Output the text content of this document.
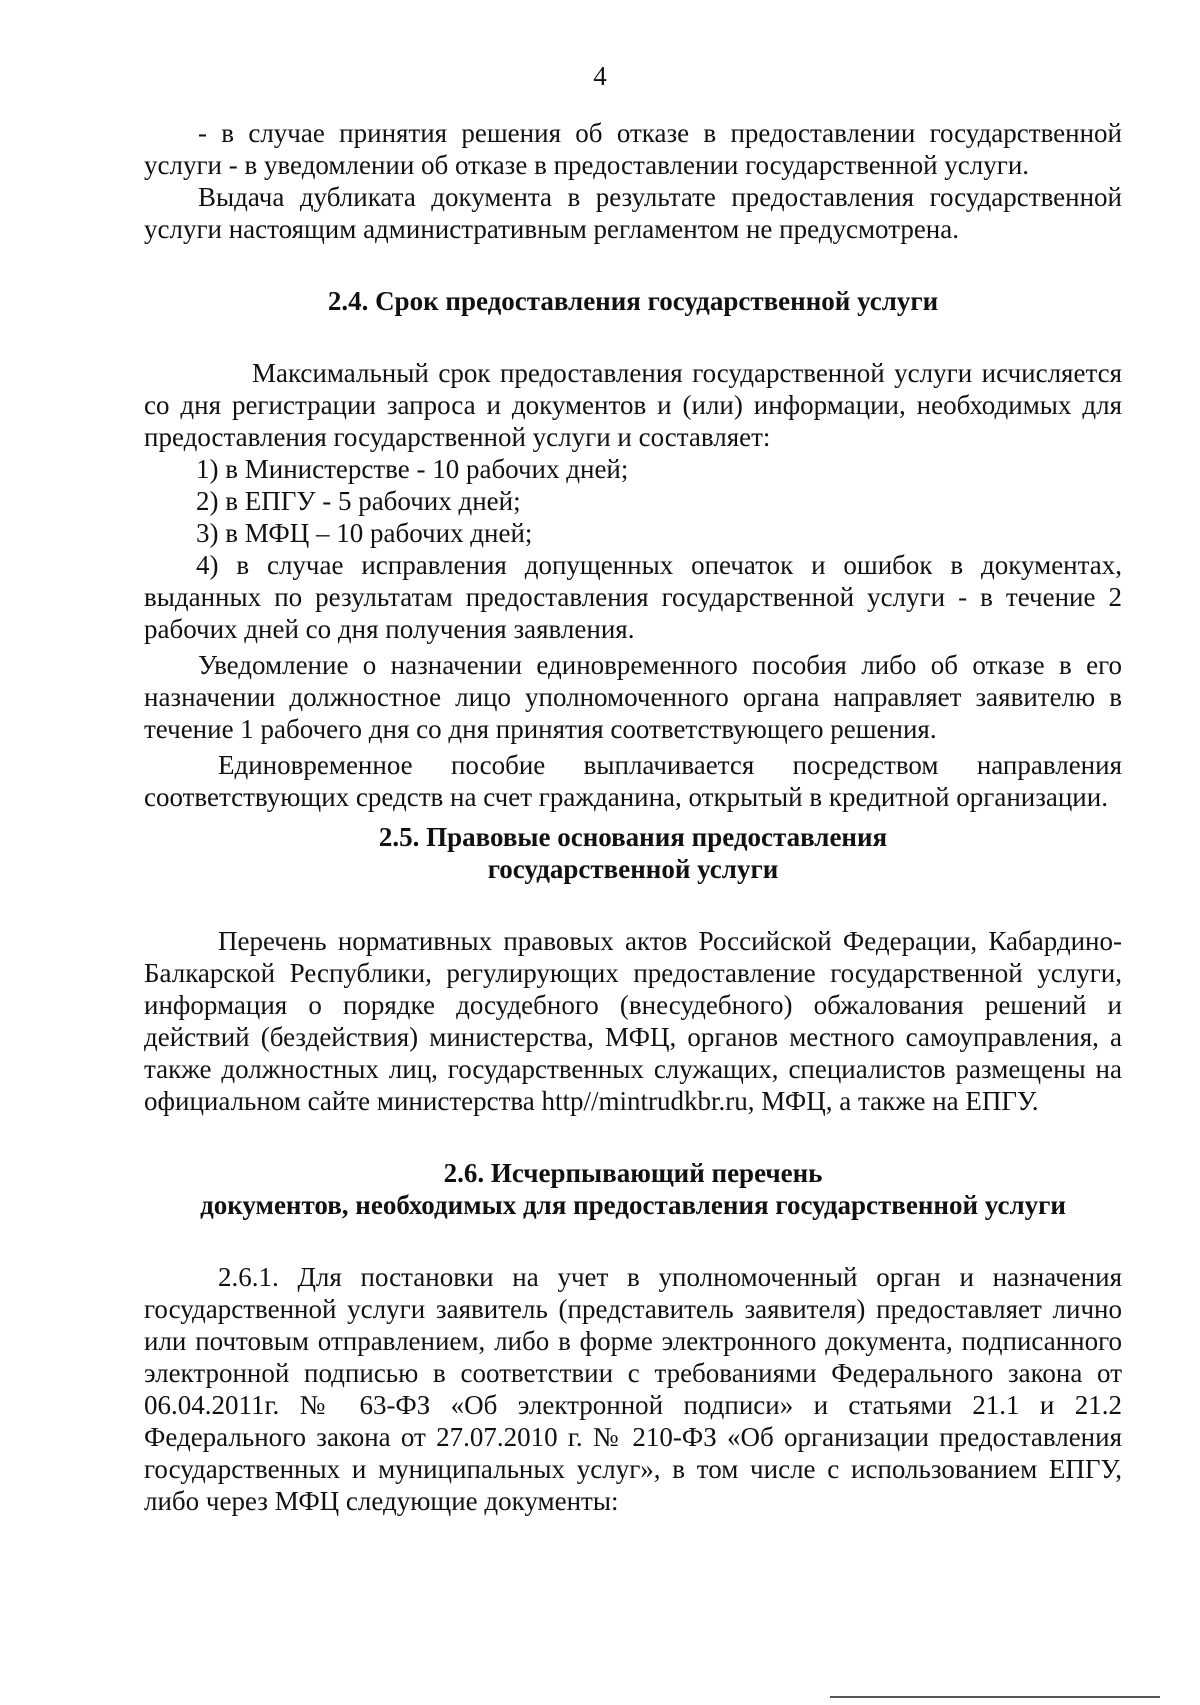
4

- в случае принятия решения об отказе в предоставлении государственной услуги - в уведомлении об отказе в предоставлении государственной услуги.

Выдача дубликата документа в результате предоставления государственной услуги настоящим административным регламентом не предусмотрена.

2.4. Срок предоставления государственной услуги

Максимальный срок предоставления государственной услуги исчисляется со дня регистрации запроса и документов и (или) информации, необходимых для предоставления государственной услуги и составляет:

1) в Министерстве - 10 рабочих дней;
2) в ЕПГУ - 5 рабочих дней;
3) в МФЦ – 10 рабочих дней;
4) в случае исправления допущенных опечаток и ошибок в документах, выданных по результатам предоставления государственной услуги - в течение 2 рабочих дней со дня получения заявления.

Уведомление о назначении единовременного пособия либо об отказе в его назначении должностное лицо уполномоченного органа направляет заявителю в течение 1 рабочего дня со дня принятия соответствующего решения.

Единовременное пособие выплачивается посредством направления соответствующих средств на счет гражданина, открытый в кредитной организации.

2.5. Правовые основания предоставления
государственной услуги

Перечень нормативных правовых актов Российской Федерации, Кабардино-Балкарской Республики, регулирующих предоставление государственной услуги, информация о порядке досудебного (внесудебного) обжалования решений и действий (бездействия) министерства, МФЦ, органов местного самоуправления, а также должностных лиц, государственных служащих, специалистов размещены на официальном сайте министерства http//mintrudkbr.ru, МФЦ, а также на ЕПГУ.

2.6. Исчерпывающий перечень
документов, необходимых для предоставления государственной услуги

2.6.1. Для постановки на учет в уполномоченный орган и назначения государственной услуги заявитель (представитель заявителя) предоставляет лично или почтовым отправлением, либо в форме электронного документа, подписанного электронной подписью в соответствии с требованиями Федерального закона от 06.04.2011г. № 63-ФЗ «Об электронной подписи» и статьями 21.1 и 21.2 Федерального закона от 27.07.2010 г. № 210-ФЗ «Об организации предоставления государственных и муниципальных услуг», в том числе с использованием ЕПГУ, либо через МФЦ следующие документы:
